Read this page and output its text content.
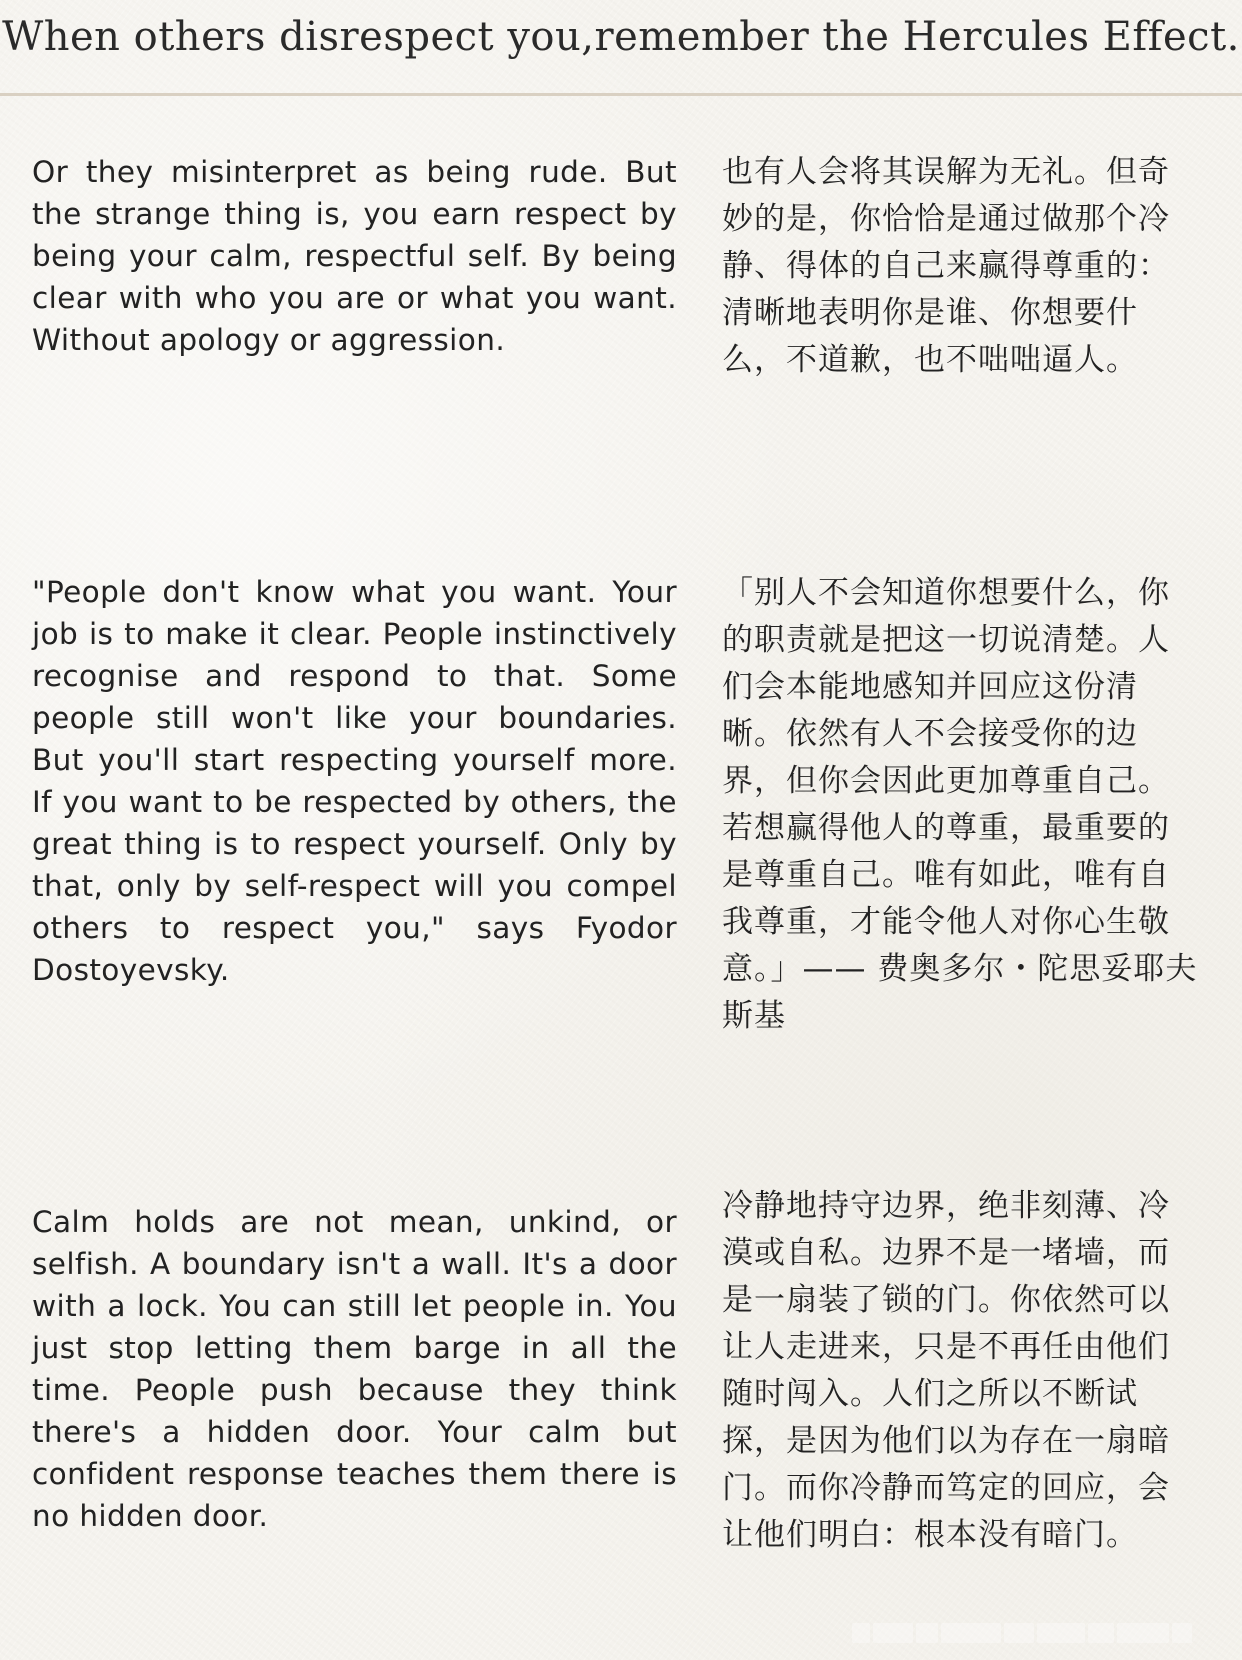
When others disrespect you,remember the Hercules Effect.

Or they misinterpret as being rude. But the strange thing is, you earn respect by being your calm, respectful self. By being clear with who you are or what you want. Without apology or aggression.

也有人会将其误解为无礼。但奇妙的是，你恰恰是通过做那个冷静、得体的自己来赢得尊重的：清晰地表明你是谁、你想要什么，不道歉，也不咄咄逼人。

"People don't know what you want. Your job is to make it clear. People instinctively recognise and respond to that. Some people still won't like your boundaries. But you'll start respecting yourself more. If you want to be respected by others, the great thing is to respect yourself. Only by that, only by self-respect will you compel others to respect you," says Fyodor Dostoyevsky.

「别人不会知道你想要什么，你的职责就是把这一切说清楚。人们会本能地感知并回应这份清晰。依然有人不会接受你的边界，但你会因此更加尊重自己。若想赢得他人的尊重，最重要的是尊重自己。唯有如此，唯有自我尊重，才能令他人对你心生敬意。」—— 费奥多尔・陀思妥耶夫斯基

Calm holds are not mean, unkind, or selfish. A boundary isn't a wall. It's a door with a lock. You can still let people in. You just stop letting them barge in all the time. People push because they think there's a hidden door. Your calm but confident response teaches them there is no hidden door.

冷静地持守边界，绝非刻薄、冷漠或自私。边界不是一堵墙，而是一扇装了锁的门。你依然可以让人走进来，只是不再任由他们随时闯入。人们之所以不断试探，是因为他们以为存在一扇暗门。而你冷静而笃定的回应，会让他们明白：根本没有暗门。
